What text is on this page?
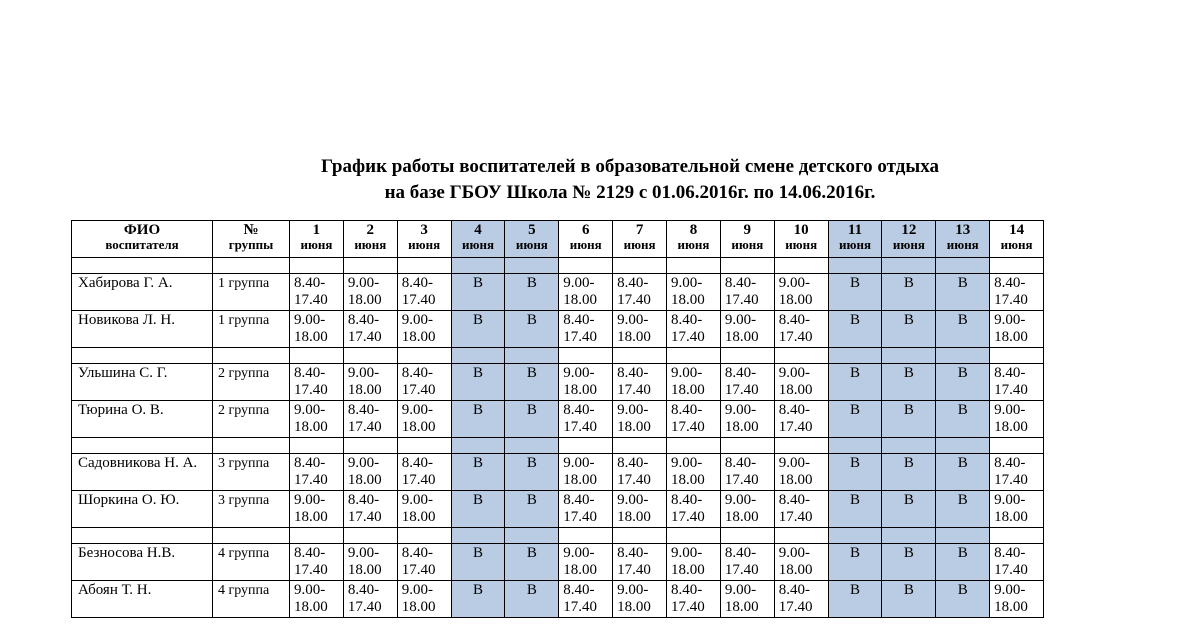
График работы воспитателей в образовательной смене детского отдыха
на базе ГБОУ Школа № 2129 с 01.06.2016г. по 14.06.2016г.
ФИО
воспитателя	№
группы	1
июня	2
июня	3
июня	4
июня	5
июня	6
июня	7
июня	8
июня	9
июня	10
июня	11
июня	12
июня	13
июня	14
июня

Хабирова Г. А.	1 группа	8.40-
17.40	9.00-
18.00	8.40-
17.40	В	В	9.00-
18.00	8.40-
17.40	9.00-
18.00	8.40-
17.40	9.00-
18.00	В	В	В	8.40-
17.40

Новикова Л. Н.	1 группа	9.00-
18.00	8.40-
17.40	9.00-
18.00	В	В	8.40-
17.40	9.00-
18.00	8.40-
17.40	9.00-
18.00	8.40-
17.40	В	В	В	9.00-
18.00

Ульшина С. Г.	2 группа	8.40-
17.40	9.00-
18.00	8.40-
17.40	В	В	9.00-
18.00	8.40-
17.40	9.00-
18.00	8.40-
17.40	9.00-
18.00	В	В	В	8.40-
17.40

Тюрина О. В.	2 группа	9.00-
18.00	8.40-
17.40	9.00-
18.00	В	В	8.40-
17.40	9.00-
18.00	8.40-
17.40	9.00-
18.00	8.40-
17.40	В	В	В	9.00-
18.00

Садовникова Н. А.	3 группа	8.40-
17.40	9.00-
18.00	8.40-
17.40	В	В	9.00-
18.00	8.40-
17.40	9.00-
18.00	8.40-
17.40	9.00-
18.00	В	В	В	8.40-
17.40

Шоркина О. Ю.	3 группа	9.00-
18.00	8.40-
17.40	9.00-
18.00	В	В	8.40-
17.40	9.00-
18.00	8.40-
17.40	9.00-
18.00	8.40-
17.40	В	В	В	9.00-
18.00

Безносова Н.В.	4 группа	8.40-
17.40	9.00-
18.00	8.40-
17.40	В	В	9.00-
18.00	8.40-
17.40	9.00-
18.00	8.40-
17.40	9.00-
18.00	В	В	В	8.40-
17.40

Абоян Т. Н.	4 группа	9.00-
18.00	8.40-
17.40	9.00-
18.00	В	В	8.40-
17.40	9.00-
18.00	8.40-
17.40	9.00-
18.00	8.40-
17.40	В	В	В	9.00-
18.00
